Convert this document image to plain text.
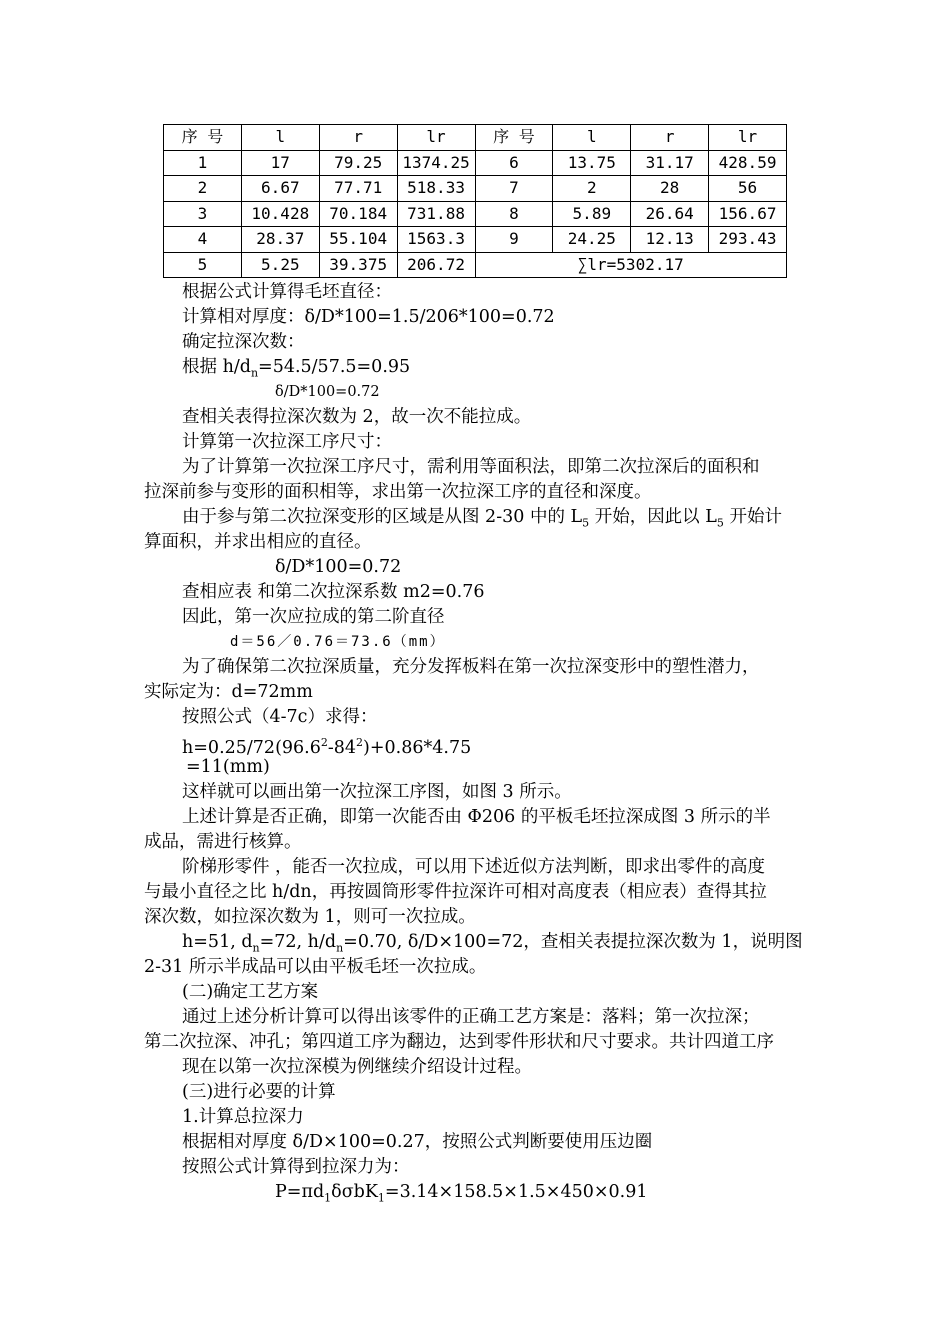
序 号	l	r	lr	序 号	l	r	lr
1	17	79.25	1374.25	6	13.75	31.17	428.59
2	6.67	77.71	518.33	7	2	28	56
3	10.428	70.184	731.88	8	5.89	26.64	156.67
4	28.37	55.104	1563.3	9	24.25	12.13	293.43
5	5.25	39.375	206.72	∑lr=5302.17			
根据公式计算得毛坯直径：
计算相对厚度：δ/D*100=1.5/206*100=0.72
确定拉深次数：
根据 $h/d_n=54.5/57.5=0.95$
δ/D*100=0.72
查相关表得拉深次数为 2，故一次不能拉成。
计算第一次拉深工序尺寸：
为了计算第一次拉深工序尺寸，需利用等面积法，即第二次拉深后的面积和
拉深前参与变形的面积相等，求出第一次拉深工序的直径和深度。
由于参与第二次拉深变形的区域是从图 2-30 中的 $L_5$ 开始，因此以 $L_5$ 开始计
算面积，并求出相应的直径。
δ/D*100=0.72
查相应表 和第二次拉深系数 m2=0.76
因此，第一次应拉成的第二阶直径
d＝56／0.76＝73.6（mm）
为了确保第二次拉深质量，充分发挥板料在第一次拉深变形中的塑性潜力，
实际定为：d=72mm
按照公式（4-7c）求得：
$h=0.25/72(96.6^2-84^2)+0.86*4.75$
=11(mm)
这样就可以画出第一次拉深工序图，如图 3 所示。
上述计算是否正确，即第一次能否由 Φ206 的平板毛坯拉深成图 3 所示的半
成品，需进行核算。
阶梯形零件 ，能否一次拉成，可以用下述近似方法判断，即求出零件的高度
与最小直径之比 h/dn，再按圆筒形零件拉深许可相对高度表（相应表）查得其拉
深次数，如拉深次数为 1，则可一次拉成。
h=51, $d_n=72$, $h/d_n=0.70$, δ/D×100=72，查相关表提拉深次数为 1，说明图
2-31 所示半成品可以由平板毛坯一次拉成。
(二)确定工艺方案
通过上述分析计算可以得出该零件的正确工艺方案是：落料；第一次拉深；
第二次拉深、冲孔；第四道工序为翻边，达到零件形状和尺寸要求。共计四道工序
现在以第一次拉深模为例继续介绍设计过程。
(三)进行必要的计算
1.计算总拉深力
根据相对厚度 δ/D×100=0.27，按照公式判断要使用压边圈
按照公式计算得到拉深力为：
$P=\pi d_1\delta\sigma bK_1=3.14\times 158.5\times 1.5\times 450\times 0.91$
